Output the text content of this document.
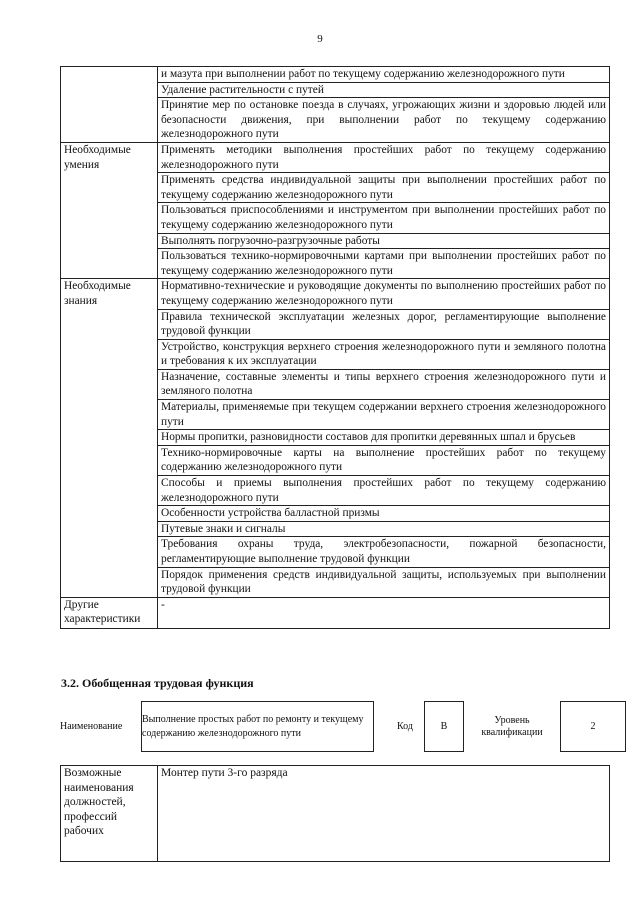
9
	и мазута при выполнении работ по текущему содержанию железнодорожного пути
	Удаление растительности с путей
	Принятие мер по остановке поезда в случаях, угрожающих жизни и здоровью людей или безопасности движения, при выполнении работ по текущему содержанию железнодорожного пути
Необходимые умения	Применять методики выполнения простейших работ по текущему содержанию железнодорожного пути
	Применять средства индивидуальной защиты при выполнении простейших работ по текущему содержанию железнодорожного пути
	Пользоваться приспособлениями и инструментом при выполнении простейших работ по текущему содержанию железнодорожного пути
	Выполнять погрузочно-разгрузочные работы
	Пользоваться технико-нормировочными картами при выполнении простейших работ по текущему содержанию железнодорожного пути
Необходимые знания	Нормативно-технические и руководящие документы по выполнению простейших работ по текущему содержанию железнодорожного пути
	Правила технической эксплуатации железных дорог, регламентирующие выполнение трудовой функции
	Устройство, конструкция верхнего строения железнодорожного пути и земляного полотна и требования к их эксплуатации
	Назначение, составные элементы и типы верхнего строения железнодорожного пути и земляного полотна
	Материалы, применяемые при текущем содержании верхнего строения железнодорожного пути
	Нормы пропитки, разновидности составов для пропитки деревянных шпал и брусьев
	Технико-нормировочные карты на выполнение простейших работ по текущему содержанию железнодорожного пути
	Способы и приемы выполнения простейших работ по текущему содержанию железнодорожного пути
	Особенности устройства балластной призмы
	Путевые знаки и сигналы
	Требования охраны труда, электробезопасности, пожарной безопасности, регламентирующие выполнение трудовой функции
	Порядок применения средств индивидуальной защиты, используемых при выполнении трудовой функции
Другие характеристики	-
3.2. Обобщенная трудовая функция
Наименование	Выполнение простых работ по ремонту и текущему содержанию железнодорожного пути		Код	B	Уровень квалификации	2
Возможные наименования должностей, профессий рабочих	Монтер пути 3-го разряда
